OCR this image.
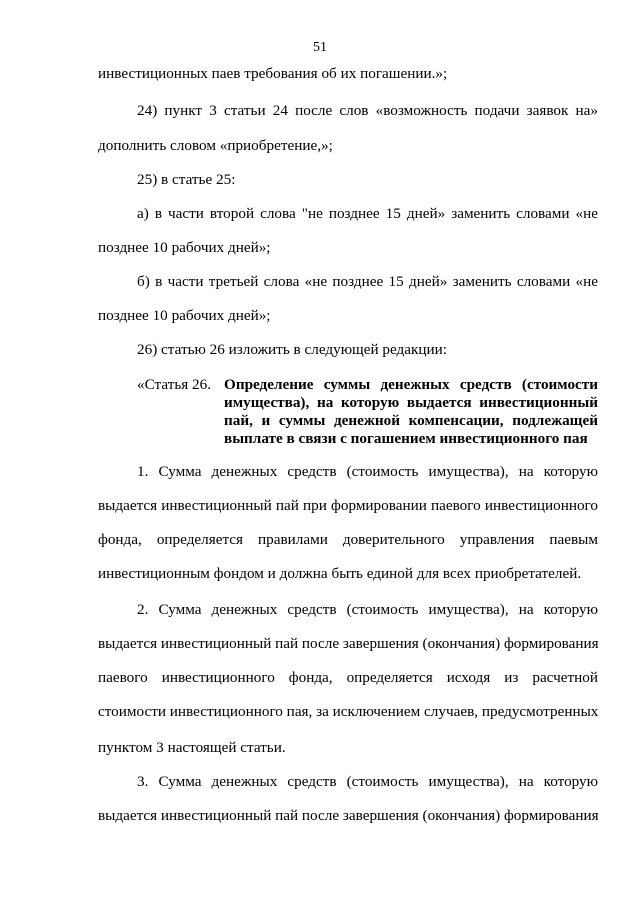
51
инвестиционных паев требования об их погашении.»;
24) пункт 3 статьи 24 после слов «возможность подачи заявок на»
дополнить словом «приобретение,»;
25) в статье 25:
а) в части второй слова "не позднее 15 дней» заменить словами «не
позднее 10 рабочих дней»;
б) в части третьей слова «не позднее 15 дней» заменить словами «не
позднее 10 рабочих дней»;
26) статью 26 изложить в следующей редакции:
«Статья 26. Определение суммы денежных средств (стоимости
имущества), на которую выдается инвестиционный
пай, и суммы денежной компенсации, подлежащей
выплате в связи с погашением инвестиционного пая
1. Сумма денежных средств (стоимость имущества), на которую
выдается инвестиционный пай при формировании паевого инвестиционного
фонда, определяется правилами доверительного управления паевым
инвестиционным фондом и должна быть единой для всех приобретателей.
2. Сумма денежных средств (стоимость имущества), на которую
выдается инвестиционный пай после завершения (окончания) формирования
паевого инвестиционного фонда, определяется исходя из расчетной
стоимости инвестиционного пая, за исключением случаев, предусмотренных
пунктом 3 настоящей статьи.
3. Сумма денежных средств (стоимость имущества), на которую
выдается инвестиционный пай после завершения (окончания) формирования
